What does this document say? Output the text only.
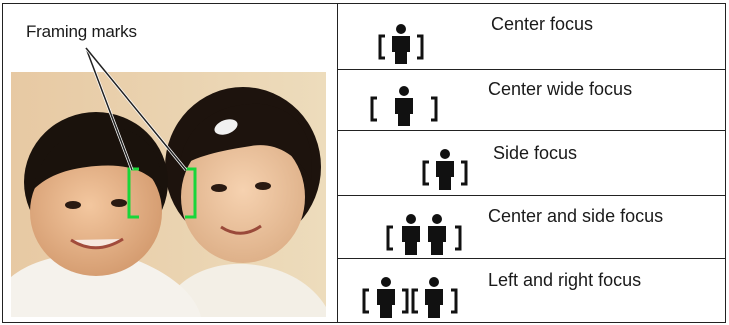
Framing marks	Center focus
Center wide focus
Side focus
Center and side focus
Left and right focus
